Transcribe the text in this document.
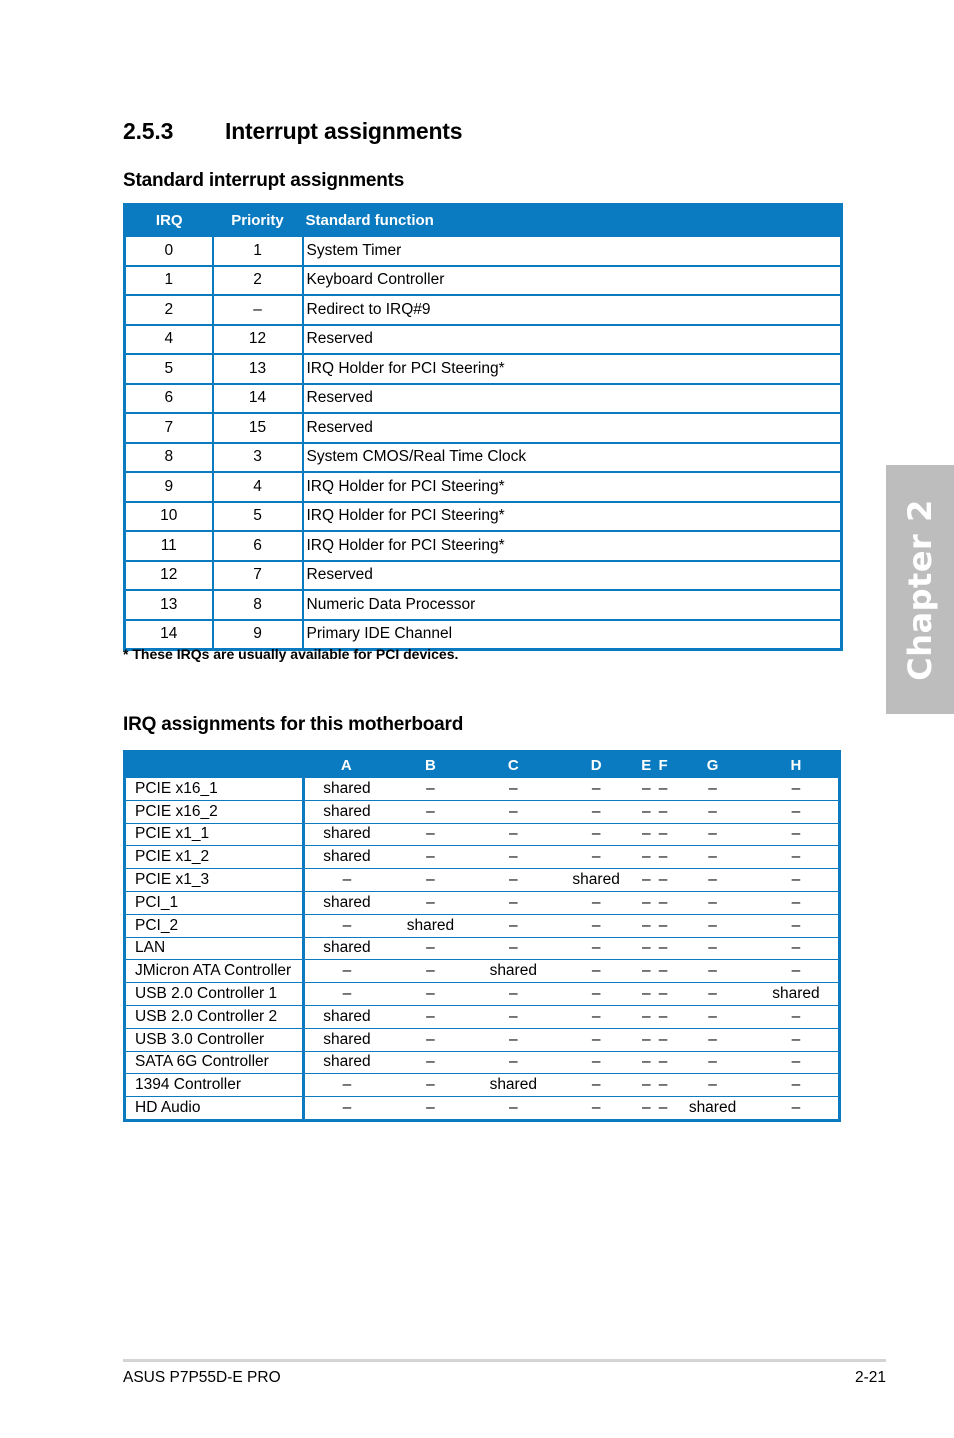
2.5.3 Interrupt assignments
Standard interrupt assignments
IRQ	Priority	Standard function
0	1	System Timer
1	2	Keyboard Controller
2	–	Redirect to IRQ#9
4	12	Reserved
5	13	IRQ Holder for PCI Steering*
6	14	Reserved
7	15	Reserved
8	3	System CMOS/Real Time Clock
9	4	IRQ Holder for PCI Steering*
10	5	IRQ Holder for PCI Steering*
11	6	IRQ Holder for PCI Steering*
12	7	Reserved
13	8	Numeric Data Processor
14	9	Primary IDE Channel
* These IRQs are usually available for PCI devices.
IRQ assignments for this motherboard
	A	B	C	D	E	F	G	H
PCIE x16_1	shared	–	–	–	–	–	–	–
PCIE x16_2	shared	–	–	–	–	–	–	–
PCIE x1_1	shared	–	–	–	–	–	–	–
PCIE x1_2	shared	–	–	–	–	–	–	–
PCIE x1_3	–	–	–	shared	–	–	–	–
PCI_1	shared	–	–	–	–	–	–	–
PCI_2	–	shared	–	–	–	–	–	–
LAN	shared	–	–	–	–	–	–	–
JMicron ATA Controller	–	–	shared	–	–	–	–	–
USB 2.0 Controller 1	–	–	–	–	–	–	–	shared
USB 2.0 Controller 2	shared	–	–	–	–	–	–	–
USB 3.0 Controller	shared	–	–	–	–	–	–	–
SATA 6G Controller	shared	–	–	–	–	–	–	–
1394 Controller	–	–	shared	–	–	–	–	–
HD Audio	–	–	–	–	–	–	shared	–
Chapter 2
ASUS P7P55D-E PRO	2-21
